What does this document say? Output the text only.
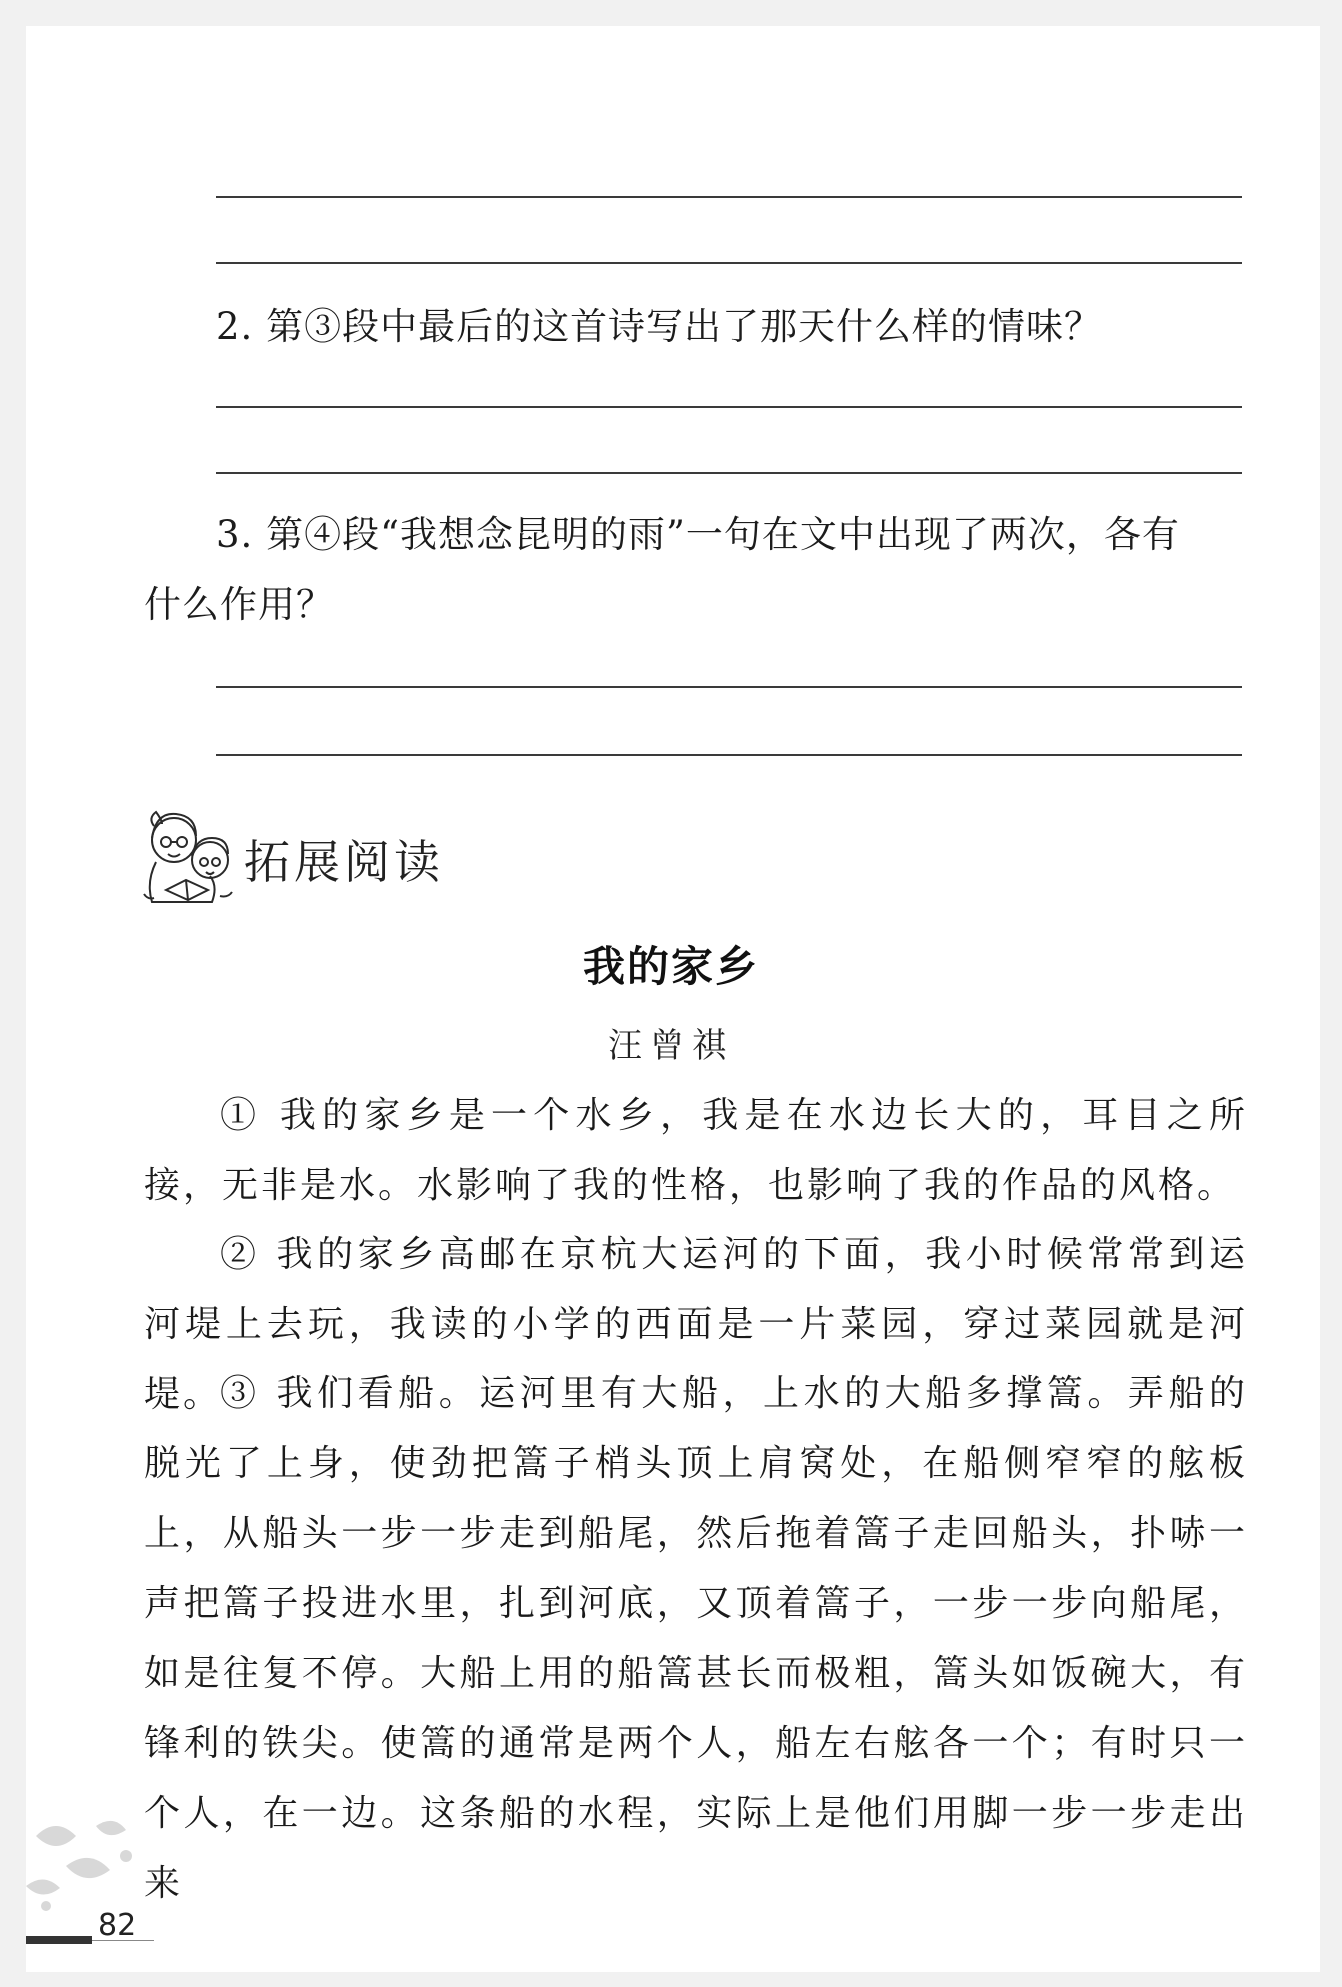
2. 第③段中最后的这首诗写出了那天什么样的情味？
3. 第④段“我想念昆明的雨”一句在文中出现了两次，各有
什么作用？
拓展阅读
我的家乡
汪曾祺
① 我的家乡是一个水乡，我是在水边长大的，耳目之所接，无非是水。水影响了我的性格，也影响了我的作品的风格。
② 我的家乡高邮在京杭大运河的下面，我小时候常常到运河堤上去玩，我读的小学的西面是一片菜园，穿过菜园就是河堤。
③ 我们看船。运河里有大船，上水的大船多撑篙。弄船的脱光了上身，使劲把篙子梢头顶上肩窝处，在船侧窄窄的舷板上，从船头一步一步走到船尾，然后拖着篙子走回船头，扑哧一声把篙子投进水里，扎到河底，又顶着篙子，一步一步向船尾，如是往复不停。大船上用的船篙甚长而极粗，篙头如饭碗大，有锋利的铁尖。使篙的通常是两个人，船左右舷各一个；有时只一个人，在一边。这条船的水程，实际上是他们用脚一步一步走出来
82
